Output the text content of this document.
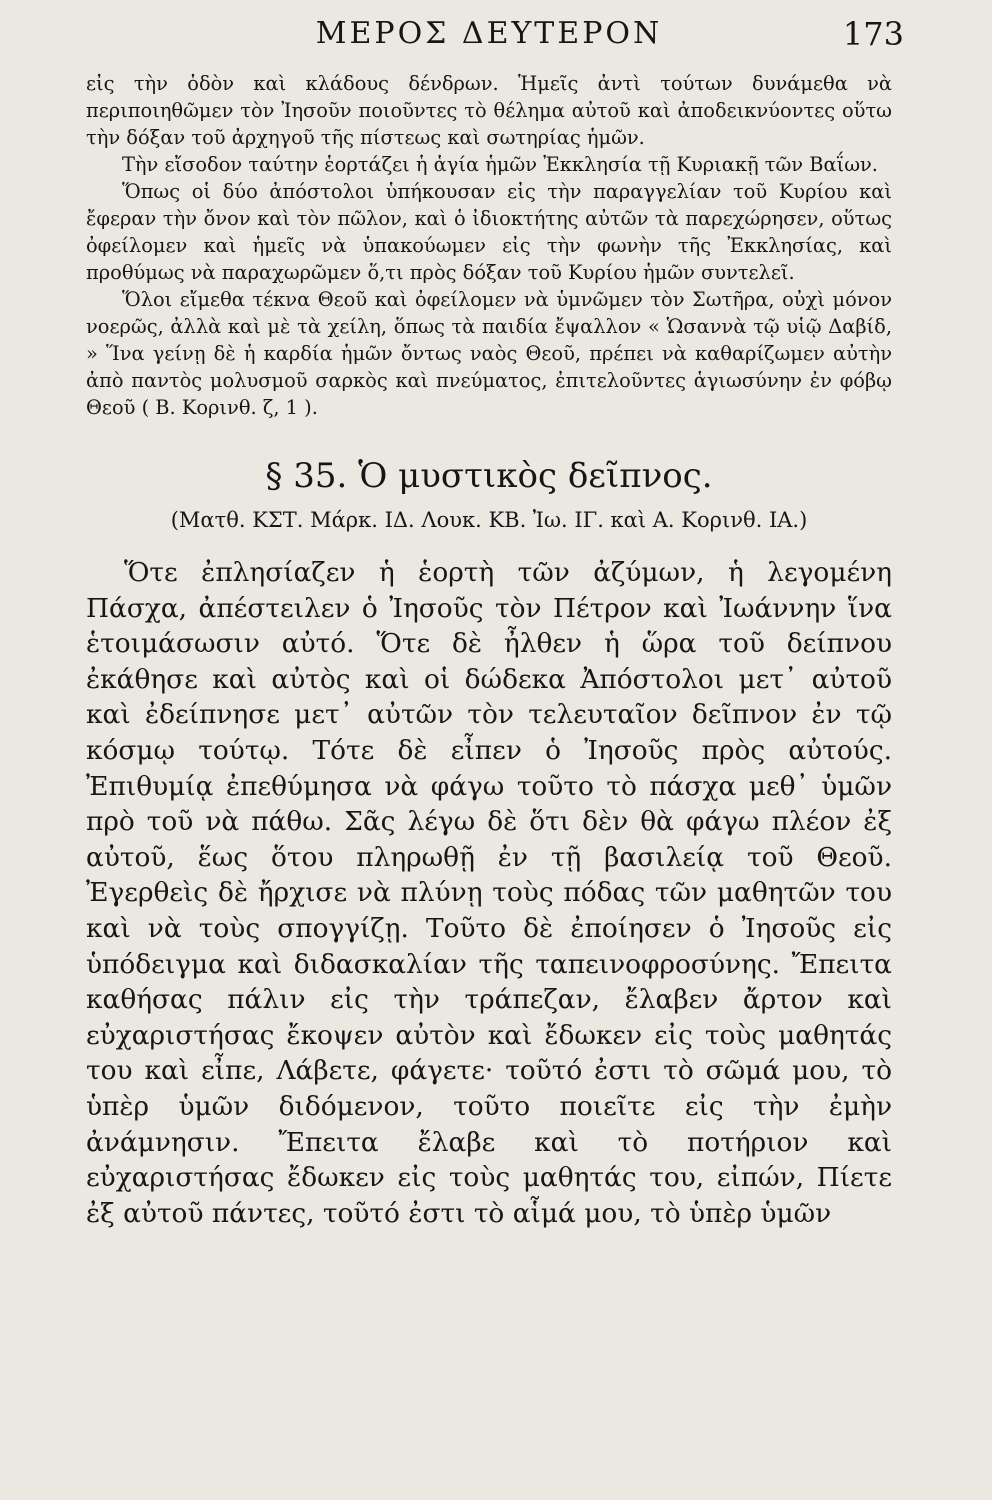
ΜΕΡΟΣ ΔΕΥΤΕΡΟΝ	173

εἰς τὴν ὁδὸν καὶ κλάδους δένδρων. Ἡμεῖς ἀντὶ τούτων δυνάμεθα νὰ περιποιηθῶμεν τὸν Ἰησοῦν ποιοῦντες τὸ θέλημα αὐτοῦ καὶ ἀποδεικνύοντες οὕτω τὴν δόξαν τοῦ ἀρχηγοῦ τῆς πίστεως καὶ σωτηρίας ἡμῶν.

Τὴν εἴσοδον ταύτην ἑορτάζει ἡ ἁγία ἡμῶν Ἐκκλησία τῇ Κυριακῇ τῶν Βαΐων.

Ὅπως οἱ δύο ἀπόστολοι ὑπήκουσαν εἰς τὴν παραγγελίαν τοῦ Κυρίου καὶ ἔφεραν τὴν ὄνον καὶ τὸν πῶλον, καὶ ὁ ἰδιοκτήτης αὐτῶν τὰ παρεχώρησεν, οὕτως ὀφείλομεν καὶ ἡμεῖς νὰ ὑπακούωμεν εἰς τὴν φωνὴν τῆς Ἐκκλησίας, καὶ προθύμως νὰ παραχωρῶμεν ὅ,τι πρὸς δόξαν τοῦ Κυρίου ἡμῶν συντελεῖ.

Ὅλοι εἴμεθα τέκνα Θεοῦ καὶ ὀφείλομεν νὰ ὑμνῶμεν τὸν Σωτῆρα, οὐχὶ μόνον νοερῶς, ἀλλὰ καὶ μὲ τὰ χείλη, ὅπως τὰ παιδία ἔψαλλον « Ὡσαννὰ τῷ υἱῷ Δαβίδ, » Ἵνα γείνῃ δὲ ἡ καρδία ἡμῶν ὄντως ναὸς Θεοῦ, πρέπει νὰ καθαρίζωμεν αὐτὴν ἀπὸ παντὸς μολυσμοῦ σαρκὸς καὶ πνεύματος, ἐπιτελοῦντες ἁγιωσύνην ἐν φόβῳ Θεοῦ ( Β. Κορινθ. ζ, 1 ).

§ 35. Ὁ μυστικὸς δεῖπνος.
(Ματθ. ΚΣΤ. Μάρκ. ΙΔ. Λουκ. ΚΒ. Ἰω. ΙΓ. καὶ Α. Κορινθ. ΙΑ.)

Ὅτε ἐπλησίαζεν ἡ ἑορτὴ τῶν ἀζύμων, ἡ λεγομένη Πάσχα, ἀπέστειλεν ὁ Ἰησοῦς τὸν Πέτρον καὶ Ἰωάννην ἵνα ἑτοιμάσωσιν αὐτό. Ὅτε δὲ ἦλθεν ἡ ὥρα τοῦ δείπνου ἐκάθησε καὶ αὐτὸς καὶ οἱ δώδεκα Ἀπόστολοι μετ᾽ αὐτοῦ καὶ ἐδείπνησε μετ᾽ αὐτῶν τὸν τελευταῖον δεῖπνον ἐν τῷ κόσμῳ τούτῳ. Τότε δὲ εἶπεν ὁ Ἰησοῦς πρὸς αὐτούς. Ἐπιθυμίᾳ ἐπεθύμησα νὰ φάγω τοῦτο τὸ πάσχα μεθ᾽ ὑμῶν πρὸ τοῦ νὰ πάθω. Σᾶς λέγω δὲ ὅτι δὲν θὰ φάγω πλέον ἐξ αὐτοῦ, ἕως ὅτου πληρωθῇ ἐν τῇ βασιλείᾳ τοῦ Θεοῦ. Ἐγερθεὶς δὲ ἤρχισε νὰ πλύνῃ τοὺς πόδας τῶν μαθητῶν του καὶ νὰ τοὺς σπογγίζῃ. Τοῦτο δὲ ἐποίησεν ὁ Ἰησοῦς εἰς ὑπόδειγμα καὶ διδασκαλίαν τῆς ταπεινοφροσύνης. Ἔπειτα καθήσας πάλιν εἰς τὴν τράπεζαν, ἔλαβεν ἄρτον καὶ εὐχαριστήσας ἔκοψεν αὐτὸν καὶ ἔδωκεν εἰς τοὺς μαθητάς του καὶ εἶπε, Λάβετε, φάγετε· τοῦτό ἐστι τὸ σῶμά μου, τὸ ὑπὲρ ὑμῶν διδόμενον, τοῦτο ποιεῖτε εἰς τὴν ἐμὴν ἀνάμνησιν. Ἔπειτα ἔλαβε καὶ τὸ ποτήριον καὶ εὐχαριστήσας ἔδωκεν εἰς τοὺς μαθητάς του, εἰπών, Πίετε ἐξ αὐτοῦ πάντες, τοῦτό ἐστι τὸ αἷμά μου, τὸ ὑπὲρ ὑμῶν
